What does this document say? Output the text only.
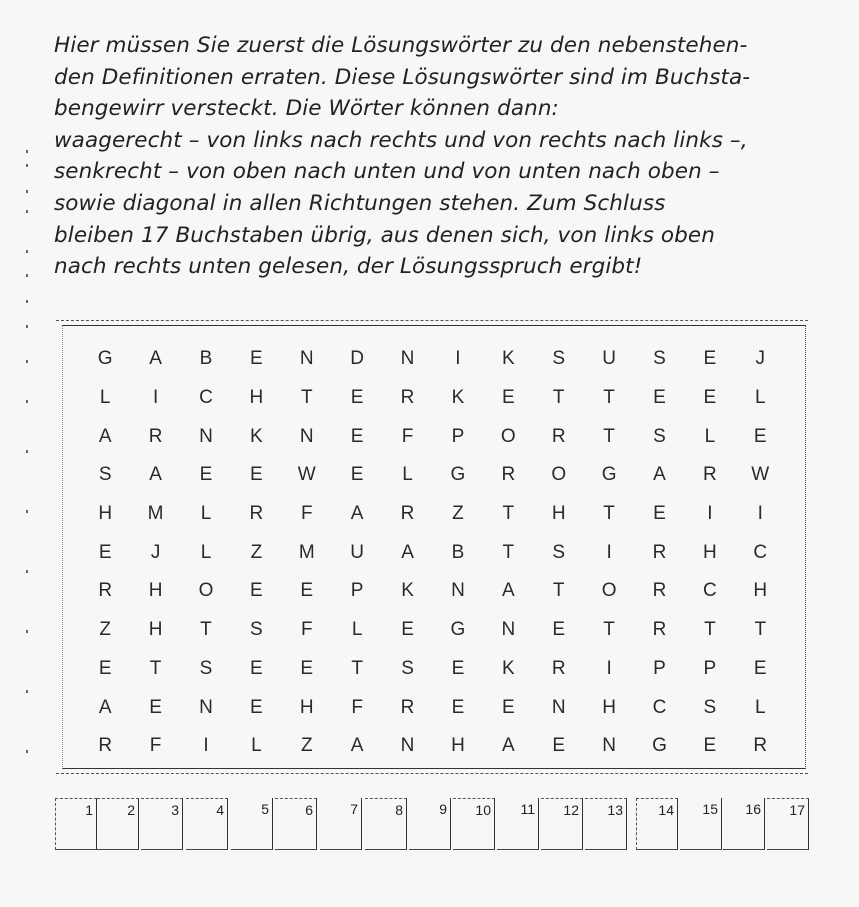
Hier müssen Sie zuerst die Lösungswörter zu den nebenstehen-
den Definitionen erraten. Diese Lösungswörter sind im Buchsta-
bengewirr versteckt. Die Wörter können dann:
waagerecht – von links nach rechts und von rechts nach links –,
senkrecht – von oben nach unten und von unten nach oben –
sowie diagonal in allen Richtungen stehen. Zum Schluss
bleiben 17 Buchstaben übrig, aus denen sich, von links oben
nach rechts unten gelesen, der Lösungsspruch ergibt!
G	A	B	E	N	D	N	I	K	S	U	S	E	J
L	I	C	H	T	E	R	K	E	T	T	E	E	L
A	R	N	K	N	E	F	P	O	R	T	S	L	E
S	A	E	E	W	E	L	G	R	O	G	A	R	W
H	M	L	R	F	A	R	Z	T	H	T	E	I	I
E	J	L	Z	M	U	A	B	T	S	I	R	H	C
R	H	O	E	E	P	K	N	A	T	O	R	C	H
Z	H	T	S	F	L	E	G	N	E	T	R	T	T
E	T	S	E	E	T	S	E	K	R	I	P	P	E
A	E	N	E	H	F	R	E	E	N	H	C	S	L
R	F	I	L	Z	A	N	H	A	E	N	G	E	R
1 2	3	4	5	6	7	8	9 10 11 12 13	14 15 16 17
